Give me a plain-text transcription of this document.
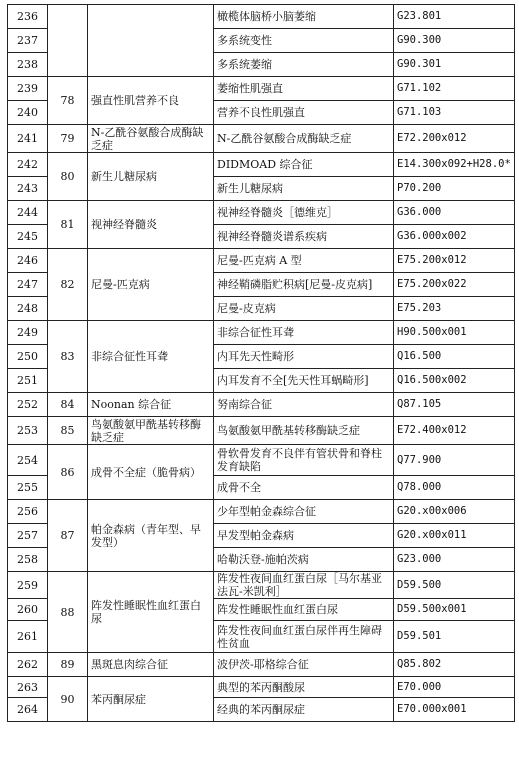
236			橄榄体脑桥小脑萎缩	G23.801
237			多系统变性	G90.300
238			多系统萎缩	G90.301
239	78	强直性肌营养不良	萎缩性肌强直	G71.102
240			营养不良性肌强直	G71.103
241	79	N-乙酰谷氨酸合成酶缺乏症	N-乙酰谷氨酸合成酶缺乏症	E72.200x012
242	80	新生儿糖尿病	DIDMOAD 综合征	E14.300x092+H28.0*
243			新生儿糖尿病	P70.200
244	81	视神经脊髓炎	视神经脊髓炎［德维克］	G36.000
245			视神经脊髓炎谱系疾病	G36.000x002
246	82	尼曼-匹克病	尼曼-匹克病 A 型	E75.200x012
247			神经鞘磷脂贮积病[尼曼-皮克病]	E75.200x022
248			尼曼-皮克病	E75.203
249	83	非综合征性耳聋	非综合征性耳聋	H90.500x001
250			内耳先天性畸形	Q16.500
251			内耳发育不全[先天性耳蜗畸形]	Q16.500x002
252	84	Noonan 综合征	努南综合征	Q87.105
253	85	鸟氨酸氨甲酰基转移酶缺乏症	鸟氨酸氨甲酰基转移酶缺乏症	E72.400x012
254	86	成骨不全症（脆骨病）	骨软骨发育不良伴有管状骨和脊柱发育缺陷	Q77.900
255			成骨不全	Q78.000
256	87	帕金森病（青年型、早发型）	少年型帕金森综合征	G20.x00x006
257			早发型帕金森病	G20.x00x011
258			哈勒沃登-施帕茨病	G23.000
259	88	阵发性睡眠性血红蛋白尿	阵发性夜间血红蛋白尿［马尔基亚法瓦-米凯利］	D59.500
260			阵发性睡眠性血红蛋白尿	D59.500x001
261			阵发性夜间血红蛋白尿伴再生障碍性贫血	D59.501
262	89	黑斑息肉综合征	波伊茨-耶格综合征	Q85.802
263	90	苯丙酮尿症	典型的苯丙酮酸尿	E70.000
264			经典的苯丙酮尿症	E70.000x001
